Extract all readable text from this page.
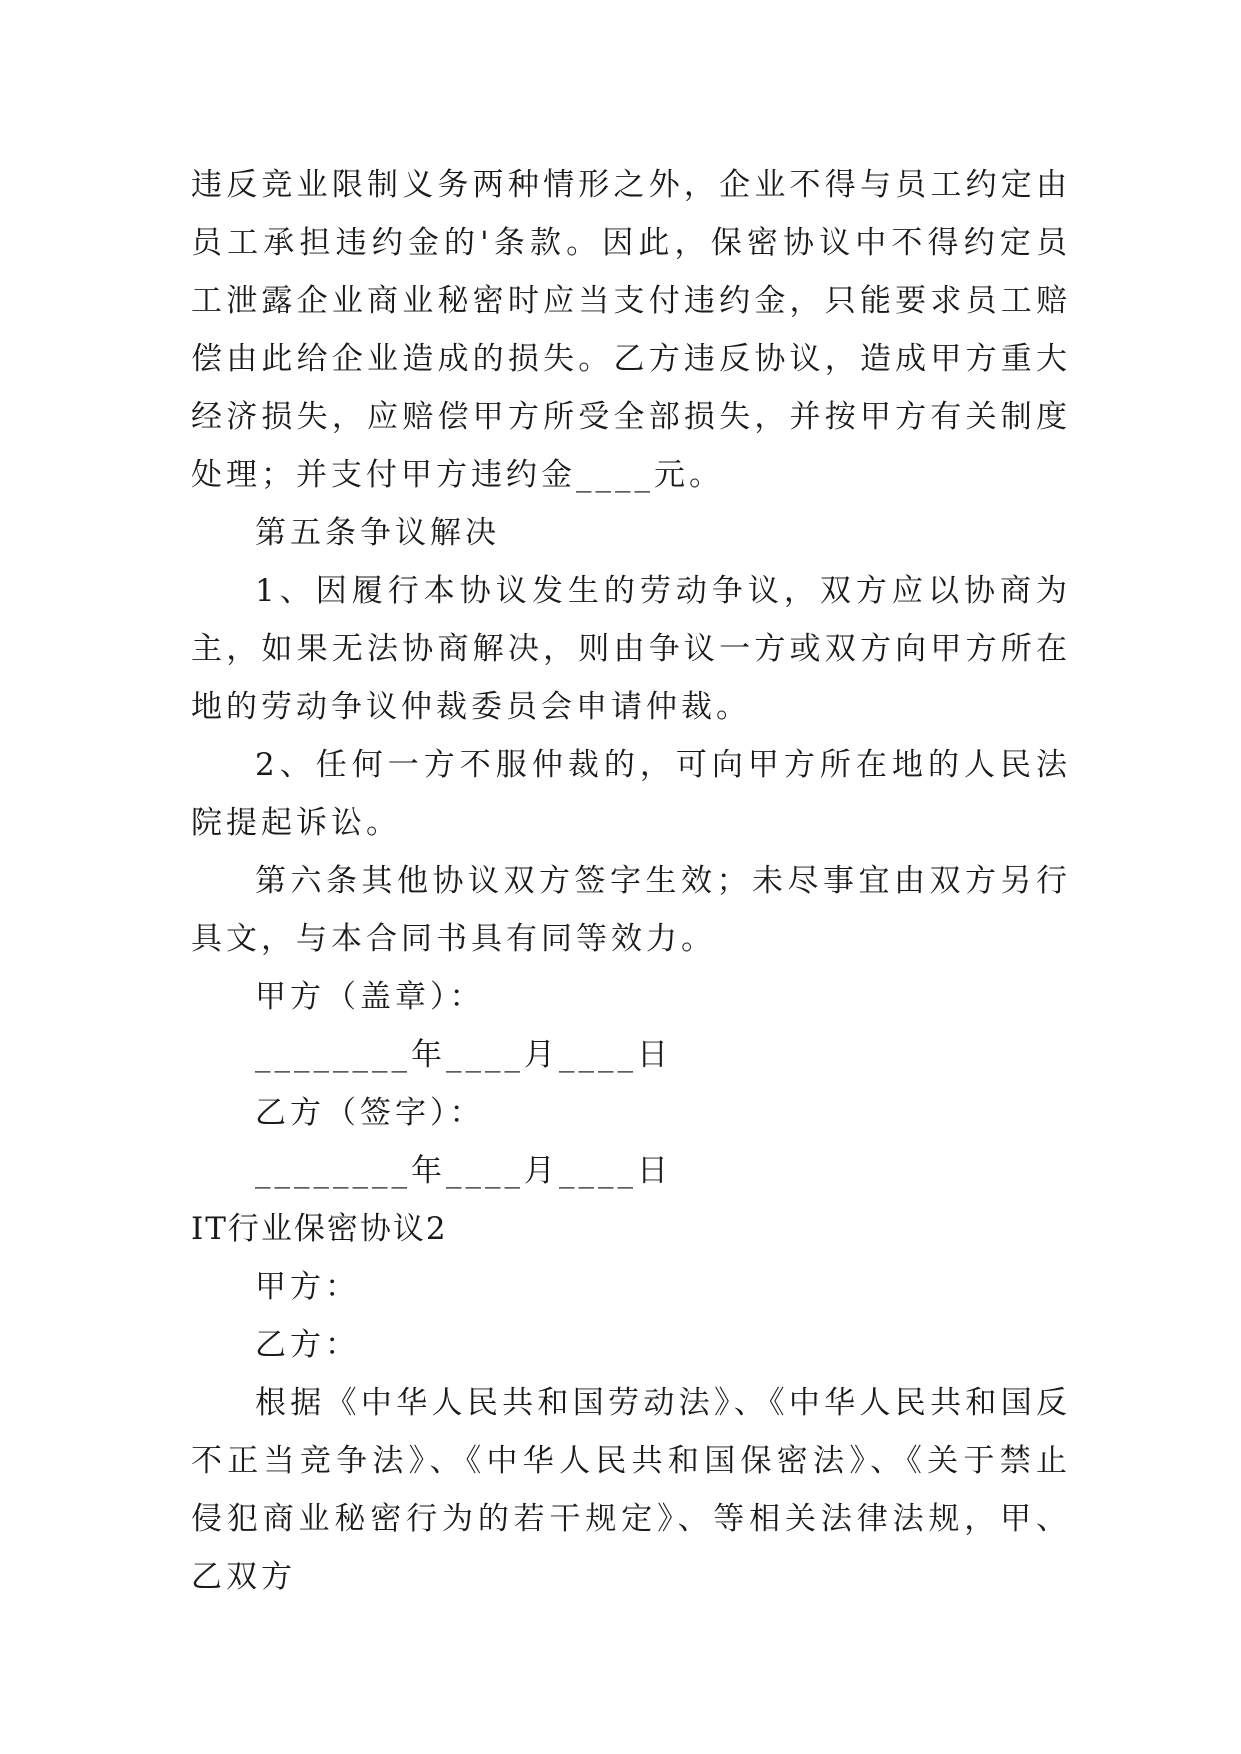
违反竞业限制义务两种情形之外，企业不得与员工约定由员工承担违约金的'条款。因此，保密协议中不得约定员工泄露企业商业秘密时应当支付违约金，只能要求员工赔偿由此给企业造成的损失。乙方违反协议，造成甲方重大经济损失，应赔偿甲方所受全部损失，并按甲方有关制度处理；并支付甲方违约金____元。

第五条争议解决

1、因履行本协议发生的劳动争议，双方应以协商为主，如果无法协商解决，则由争议一方或双方向甲方所在地的劳动争议仲裁委员会申请仲裁。

2、任何一方不服仲裁的，可向甲方所在地的人民法院提起诉讼。

第六条其他协议双方签字生效；未尽事宜由双方另行具文，与本合同书具有同等效力。

甲方（盖章）：

________年____月____日

乙方（签字）：

________年____月____日

IT行业保密协议2

甲方：

乙方：

根据《中华人民共和国劳动法》、《中华人民共和国反不正当竞争法》、《中华人民共和国保密法》、《关于禁止侵犯商业秘密行为的若干规定》、等相关法律法规，甲、乙双方
